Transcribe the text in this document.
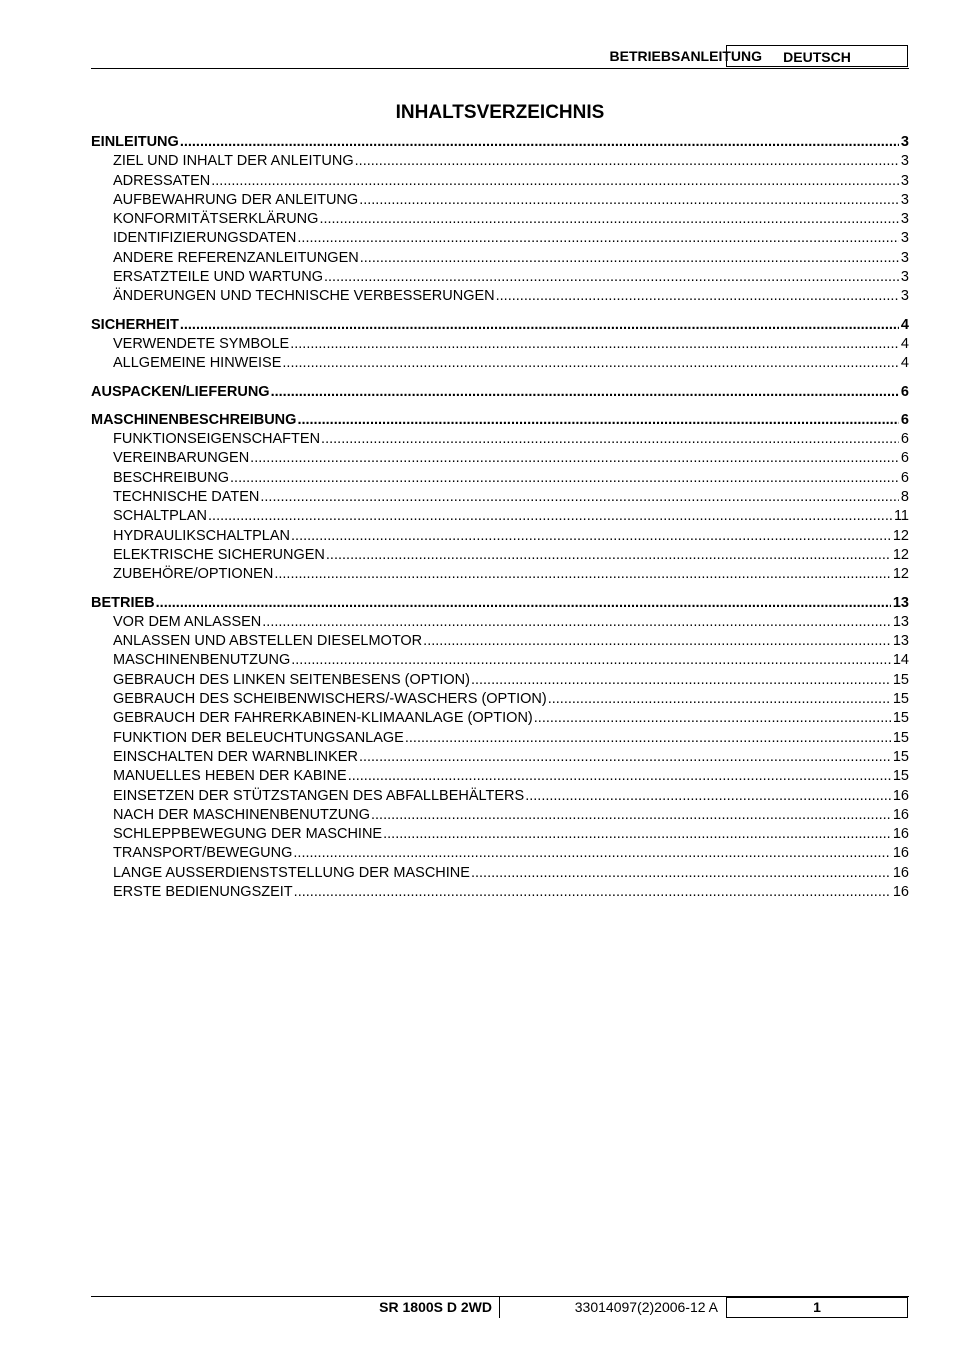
BETRIEBSANLEITUNG	DEUTSCH
INHALTSVERZEICHNIS
EINLEITUNG .....	3
ZIEL UND INHALT DER ANLEITUNG .....	3
ADRESSATEN .....	3
AUFBEWAHRUNG DER ANLEITUNG .....	3
KONFORMITÄTSERKLÄRUNG .....	3
IDENTIFIZIERUNGSDATEN .....	3
ANDERE REFERENZANLEITUNGEN .....	3
ERSATZTEILE UND WARTUNG .....	3
ÄNDERUNGEN UND TECHNISCHE VERBESSERUNGEN .....	3
SICHERHEIT .....	4
VERWENDETE SYMBOLE .....	4
ALLGEMEINE HINWEISE .....	4
AUSPACKEN/LIEFERUNG .....	6
MASCHINENBESCHREIBUNG .....	6
FUNKTIONSEIGENSCHAFTEN .....	6
VEREINBARUNGEN .....	6
BESCHREIBUNG .....	6
TECHNISCHE DATEN .....	8
SCHALTPLAN .....	11
HYDRAULIKSCHALTPLAN .....	12
ELEKTRISCHE SICHERUNGEN .....	12
ZUBEHÖRE/OPTIONEN .....	12
BETRIEB .....	13
VOR DEM ANLASSEN .....	13
ANLASSEN UND ABSTELLEN DIESELMOTOR .....	13
MASCHINENBENUTZUNG .....	14
GEBRAUCH DES LINKEN SEITENBESENS (OPTION) .....	15
GEBRAUCH DES SCHEIBENWISCHERS/-WASCHERS (OPTION) .....	15
GEBRAUCH DER FAHRERKABINEN-KLIMAANLAGE (OPTION) .....	15
FUNKTION DER BELEUCHTUNGSANLAGE .....	15
EINSCHALTEN DER WARNBLINKER .....	15
MANUELLES HEBEN DER KABINE .....	15
EINSETZEN DER STÜTZSTANGEN DES ABFALLBEHÄLTERS .....	16
NACH DER MASCHINENBENUTZUNG .....	16
SCHLEPPBEWEGUNG DER MASCHINE .....	16
TRANSPORT/BEWEGUNG .....	16
LANGE AUSSERDIENSTSTELLUNG DER MASCHINE .....	16
ERSTE BEDIENUNGSZEIT .....	16
SR 1800S D 2WD	33014097(2)2006-12 A	1
